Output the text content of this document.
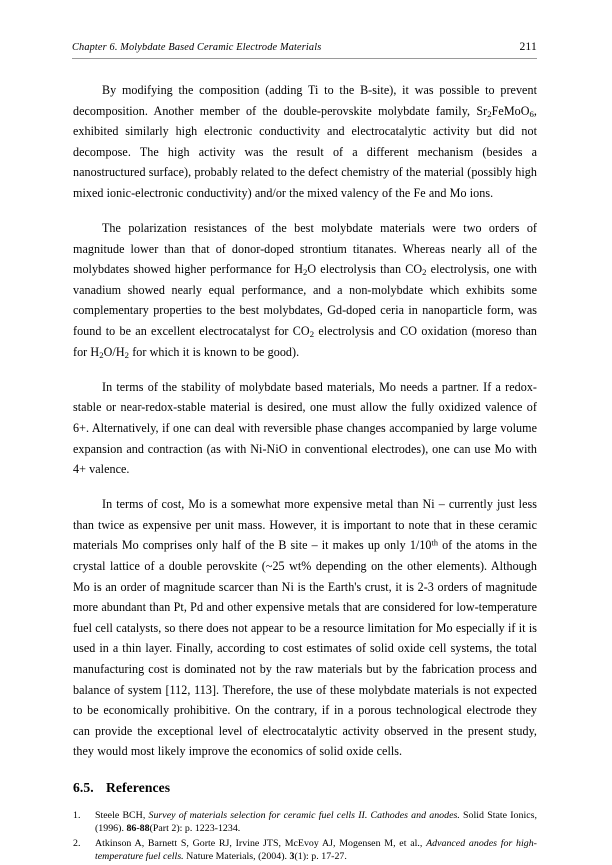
Chapter 6. Molybdate Based Ceramic Electrode Materials	211

By modifying the composition (adding Ti to the B-site), it was possible to prevent decomposition. Another member of the double-perovskite molybdate family, $Sr_2FeMoO_6$, exhibited similarly high electronic conductivity and electrocatalytic activity but did not decompose. The high activity was the result of a different mechanism (besides a nanostructured surface), probably related to the defect chemistry of the material (possibly high mixed ionic-electronic conductivity) and/or the mixed valency of the Fe and Mo ions.

The polarization resistances of the best molybdate materials were two orders of magnitude lower than that of donor-doped strontium titanates. Whereas nearly all of the molybdates showed higher performance for $H_2O$ electrolysis than $CO_2$ electrolysis, one with vanadium showed nearly equal performance, and a non-molybdate which exhibits some complementary properties to the best molybdates, Gd-doped ceria in nanoparticle form, was found to be an excellent electrocatalyst for $CO_2$ electrolysis and CO oxidation (moreso than for $H_2O/H_2$ for which it is known to be good).

In terms of the stability of molybdate based materials, Mo needs a partner. If a redox-stable or near-redox-stable material is desired, one must allow the fully oxidized valence of 6+. Alternatively, if one can deal with reversible phase changes accompanied by large volume expansion and contraction (as with Ni-NiO in conventional electrodes), one can use Mo with 4+ valence.

In terms of cost, Mo is a somewhat more expensive metal than Ni – currently just less than twice as expensive per unit mass. However, it is important to note that in these ceramic materials Mo comprises only half of the B site – it makes up only 1/10th of the atoms in the crystal lattice of a double perovskite (~25 wt% depending on the other elements). Although Mo is an order of magnitude scarcer than Ni is the Earth's crust, it is 2-3 orders of magnitude more abundant than Pt, Pd and other expensive metals that are considered for low-temperature fuel cell catalysts, so there does not appear to be a resource limitation for Mo especially if it is used in a thin layer. Finally, according to cost estimates of solid oxide cell systems, the total manufacturing cost is dominated not by the raw materials but by the fabrication process and balance of system [112, 113]. Therefore, the use of these molybdate materials is not expected to be economically prohibitive. On the contrary, if in a porous technological electrode they can provide the exceptional level of electrocatalytic activity observed in the present study, they would most likely improve the economics of solid oxide cells.

6.5. References
1.	Steele BCH, Survey of materials selection for ceramic fuel cells II. Cathodes and anodes. Solid State Ionics, (1996). 86-88(Part 2): p. 1223-1234.
2.	Atkinson A, Barnett S, Gorte RJ, Irvine JTS, McEvoy AJ, Mogensen M, et al., Advanced anodes for high-temperature fuel cells. Nature Materials, (2004). 3(1): p. 17-27.
